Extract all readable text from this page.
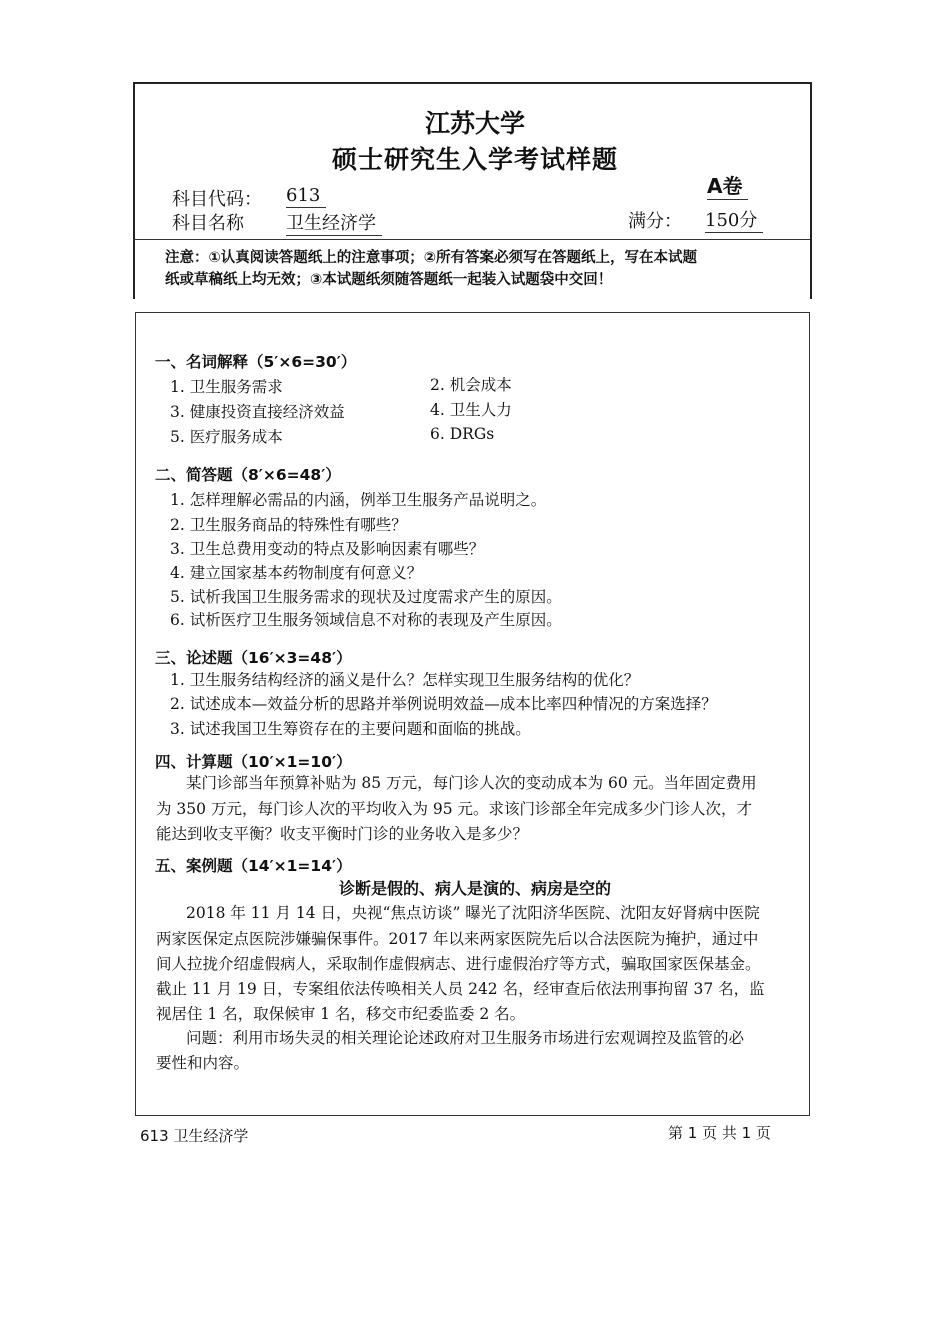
江苏大学
硕士研究生入学考试样题
科目代码： 613
科目名称 卫生经济学
A卷
满分： 150分
注意：①认真阅读答题纸上的注意事项；②所有答案必须写在答题纸上，写在本试题
纸或草稿纸上均无效；③本试题纸须随答题纸一起装入试题袋中交回！
一、名词解释（5′×6=30′）
1. 卫生服务需求	2. 机会成本
3. 健康投资直接经济效益	4. 卫生人力
5. 医疗服务成本	6. DRGs
二、简答题（8′×6=48′）
1. 怎样理解必需品的内涵，例举卫生服务产品说明之。
2. 卫生服务商品的特殊性有哪些？
3. 卫生总费用变动的特点及影响因素有哪些？
4. 建立国家基本药物制度有何意义？
5. 试析我国卫生服务需求的现状及过度需求产生的原因。
6. 试析医疗卫生服务领域信息不对称的表现及产生原因。
三、论述题（16′×3=48′）
1. 卫生服务结构经济的涵义是什么？怎样实现卫生服务结构的优化？
2. 试述成本—效益分析的思路并举例说明效益—成本比率四种情况的方案选择？
3. 试述我国卫生筹资存在的主要问题和面临的挑战。
四、计算题（10′×1=10′）
某门诊部当年预算补贴为 85 万元，每门诊人次的变动成本为 60 元。当年固定费用
为 350 万元，每门诊人次的平均收入为 95 元。求该门诊部全年完成多少门诊人次，才
能达到收支平衡？收支平衡时门诊的业务收入是多少？
五、案例题（14′×1=14′）
诊断是假的、病人是演的、病房是空的
2018 年 11 月 14 日，央视“焦点访谈” 曝光了沈阳济华医院、沈阳友好肾病中医院
两家医保定点医院涉嫌骗保事件。2017 年以来两家医院先后以合法医院为掩护，通过中
间人拉拢介绍虚假病人，采取制作虚假病志、进行虚假治疗等方式，骗取国家医保基金。
截止 11 月 19 日，专案组依法传唤相关人员 242 名，经审查后依法刑事拘留 37 名，监
视居住 1 名，取保候审 1 名，移交市纪委监委 2 名。
问题：利用市场失灵的相关理论论述政府对卫生服务市场进行宏观调控及监管的必
要性和内容。
613 卫生经济学	第 1 页 共 1 页
